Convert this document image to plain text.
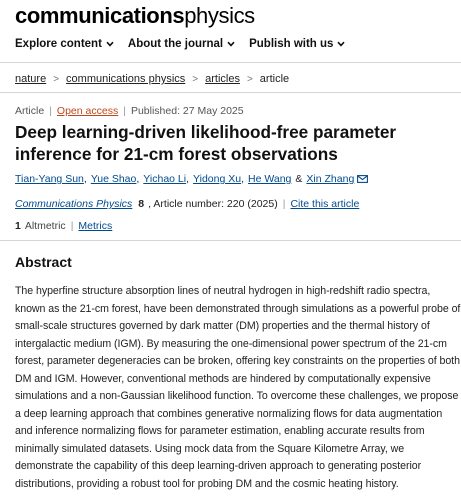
communicationsphysics
Explore content About the journal Publish with us
nature > communications physics > articles > article
Article | Open access | Published: 27 May 2025
Deep learning-driven likelihood-free parameter inference for 21-cm forest observations
Tian-Yang Sun , Yue Shao , Yichao Li , Yidong Xu , He Wang & Xin Zhang
Communications Physics 8 , Article number: 220 (2025) | Cite this article
1 Altmetric | Metrics
Abstract

The hyperfine structure absorption lines of neutral hydrogen in high-redshift radio spectra, known as the 21-cm forest, have been demonstrated through simulations as a powerful probe of small-scale structures governed by dark matter (DM) properties and the thermal history of intergalactic medium (IGM). By measuring the one-dimensional power spectrum of the 21-cm forest, parameter degeneracies can be broken, offering key constraints on the properties of both DM and IGM. However, conventional methods are hindered by computationally expensive simulations and a non-Gaussian likelihood function. To overcome these challenges, we propose a deep learning approach that combines generative normalizing flows for data augmentation and inference normalizing flows for parameter estimation, enabling accurate results from minimally simulated datasets. Using mock data from the Square Kilometre Array, we demonstrate the capability of this deep learning-driven approach to generating posterior distributions, providing a robust tool for probing DM and the cosmic heating history.
